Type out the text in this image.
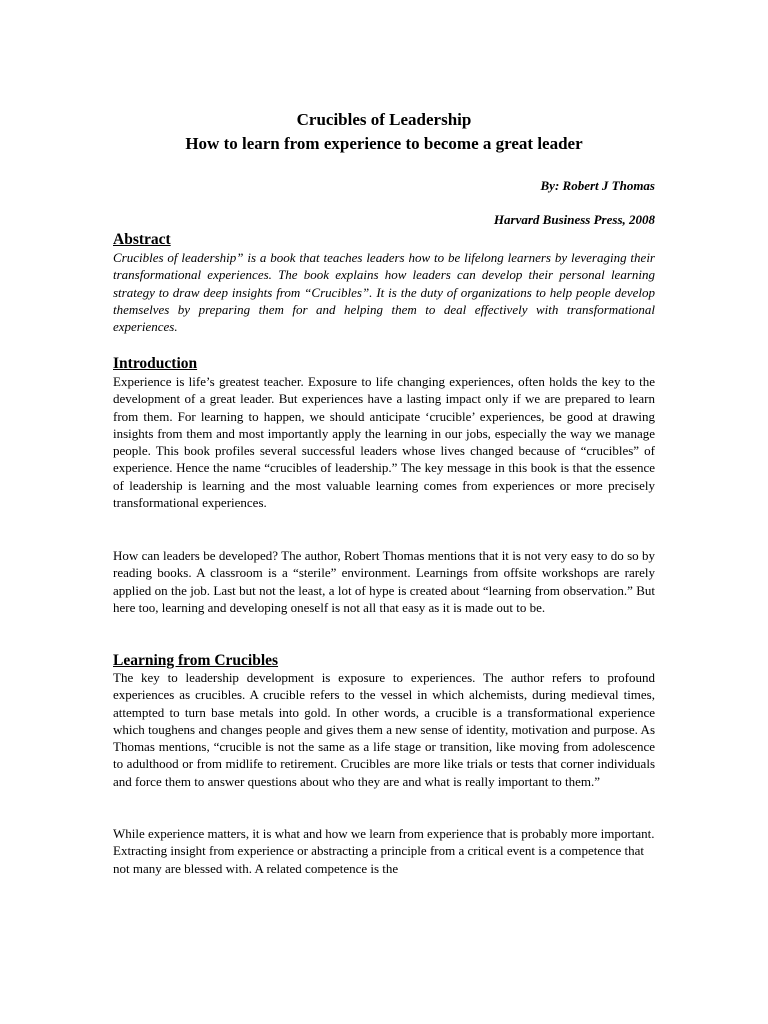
Crucibles of Leadership
How to learn from experience to become a great leader

By: Robert J Thomas

Harvard Business Press, 2008

Abstract

Crucibles of leadership” is a book that teaches leaders how to be lifelong learners by leveraging their transformational experiences. The book explains how leaders can develop their personal learning strategy to draw deep insights from “Crucibles”. It is the duty of organizations to help people develop themselves by preparing them for and helping them to deal effectively with transformational experiences.

Introduction

Experience is life’s greatest teacher. Exposure to life changing experiences, often holds the key to the development of a great leader. But experiences have a lasting impact only if we are prepared to learn from them. For learning to happen, we should anticipate ‘crucible’ experiences, be good at drawing insights from them and most importantly apply the learning in our jobs, especially the way we manage people. This book profiles several successful leaders whose lives changed because of “crucibles” of experience. Hence the name “crucibles of leadership.” The key message in this book is that the essence of leadership is learning and the most valuable learning comes from experiences or more precisely transformational experiences.

How can leaders be developed? The author, Robert Thomas mentions that it is not very easy to do so by reading books. A classroom is a “sterile” environment. Learnings from offsite workshops are rarely applied on the job. Last but not the least, a lot of hype is created about “learning from observation.” But here too, learning and developing oneself is not all that easy as it is made out to be.

Learning from Crucibles

The key to leadership development is exposure to experiences. The author refers to profound experiences as crucibles. A crucible refers to the vessel in which alchemists, during medieval times, attempted to turn base metals into gold. In other words, a crucible is a transformational experience which toughens and changes people and gives them a new sense of identity, motivation and purpose. As Thomas mentions, “crucible is not the same as a life stage or transition, like moving from adolescence to adulthood or from midlife to retirement. Crucibles are more like trials or tests that corner individuals and force them to answer questions about who they are and what is really important to them.”

While experience matters, it is what and how we learn from experience that is probably more important. Extracting insight from experience or abstracting a principle from a critical event is a competence that not many are blessed with. A related competence is the
